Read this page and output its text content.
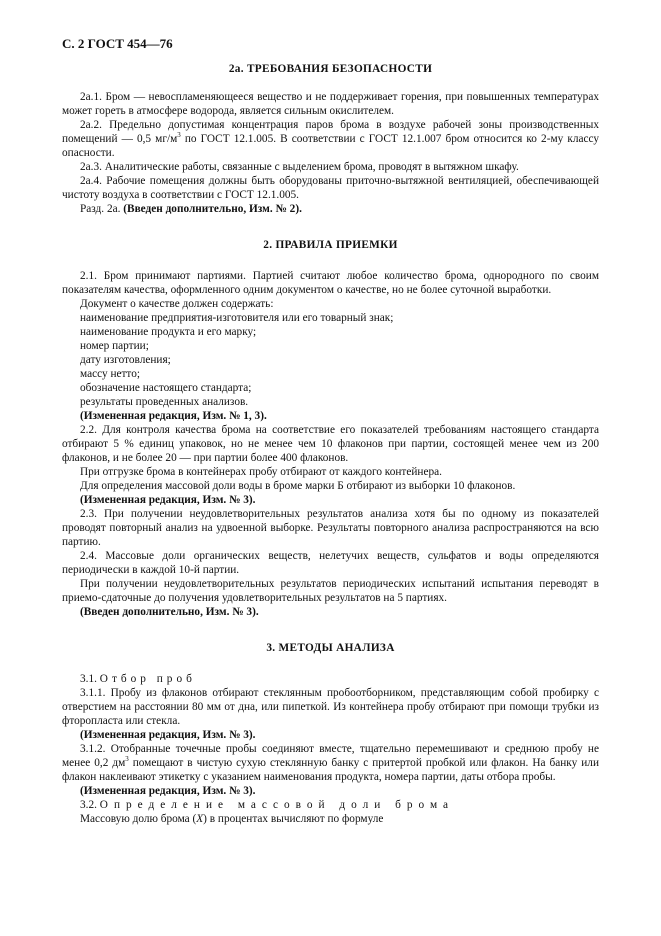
С. 2 ГОСТ 454—76

2а. ТРЕБОВАНИЯ БЕЗОПАСНОСТИ

2а.1. Бром — невоспламеняющееся вещество и не поддерживает горения, при повышенных температурах может гореть в атмосфере водорода, является сильным окислителем.

2а.2. Предельно допустимая концентрация паров брома в воздухе рабочей зоны производственных помещений — 0,5 $мг/м^3$ по ГОСТ 12.1.005. В соответствии с ГОСТ 12.1.007 бром относится ко 2-му классу опасности.

2а.3. Аналитические работы, связанные с выделением брома, проводят в вытяжном шкафу.

2а.4. Рабочие помещения должны быть оборудованы приточно-вытяжной вентиляцией, обеспечивающей чистоту воздуха в соответствии с ГОСТ 12.1.005.

Разд. 2а. (Введен дополнительно, Изм. № 2).

2. ПРАВИЛА ПРИЕМКИ

2.1. Бром принимают партиями. Партией считают любое количество брома, однородного по своим показателям качества, оформленного одним документом о качестве, но не более суточной выработки.

Документ о качестве должен содержать:

наименование предприятия-изготовителя или его товарный знак;

наименование продукта и его марку;

номер партии;

дату изготовления;

массу нетто;

обозначение настоящего стандарта;

результаты проведенных анализов.

(Измененная редакция, Изм. № 1, 3).

2.2. Для контроля качества брома на соответствие его показателей требованиям настоящего стандарта отбирают 5 % единиц упаковок, но не менее чем 10 флаконов при партии, состоящей менее чем из 200 флаконов, и не более 20 — при партии более 400 флаконов.

При отгрузке брома в контейнерах пробу отбирают от каждого контейнера.

Для определения массовой доли воды в броме марки Б отбирают из выборки 10 флаконов.

(Измененная редакция, Изм. № 3).

2.3. При получении неудовлетворительных результатов анализа хотя бы по одному из показателей проводят повторный анализ на удвоенной выборке. Результаты повторного анализа распространяются на всю партию.

2.4. Массовые доли органических веществ, нелетучих веществ, сульфатов и воды определяются периодически в каждой 10-й партии.

При получении неудовлетворительных результатов периодических испытаний испытания переводят в приемо-сдаточные до получения удовлетворительных результатов на 5 партиях.

(Введен дополнительно, Изм. № 3).

3. МЕТОДЫ АНАЛИЗА

3.1. Отбор проб

3.1.1. Пробу из флаконов отбирают стеклянным пробоотборником, представляющим собой пробирку с отверстием на расстоянии 80 мм от дна, или пипеткой. Из контейнера пробу отбирают при помощи трубки из фторопласта или стекла.

(Измененная редакция, Изм. № 3).

3.1.2. Отобранные точечные пробы соединяют вместе, тщательно перемешивают и среднюю пробу не менее 0,2 $дм^3$ помещают в чистую сухую стеклянную банку с притертой пробкой или флакон. На банку или флакон наклеивают этикетку с указанием наименования продукта, номера партии, даты отбора пробы.

(Измененная редакция, Изм. № 3).

3.2. Определение массовой доли брома

Массовую долю брома (X) в процентах вычисляют по формуле
